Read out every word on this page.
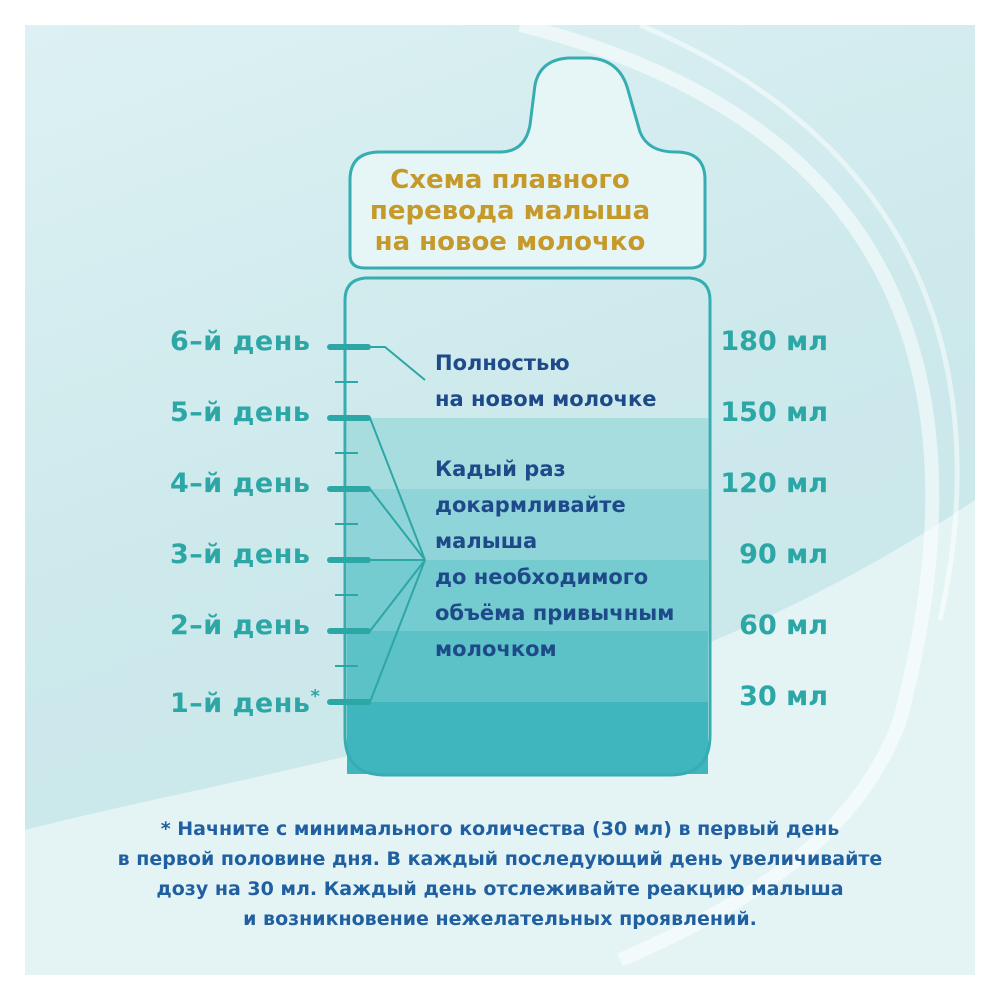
Схема плавного
перевода малыша
на новое молочко
6–й день
5–й день
4–й день
3–й день
2–й день
1–й день*
180 мл
150 мл
120 мл
90 мл
60 мл
30 мл
Полностью
на новом молочке
Кадый раз
докармливайте
малыша
до необходимого
объёма привычным
молочком
* Начните с минимального количества (30 мл) в первый день
в первой половине дня. В каждый последующий день увеличивайте
дозу на 30 мл. Каждый день отслеживайте реакцию малыша
и возникновение нежелательных проявлений.
